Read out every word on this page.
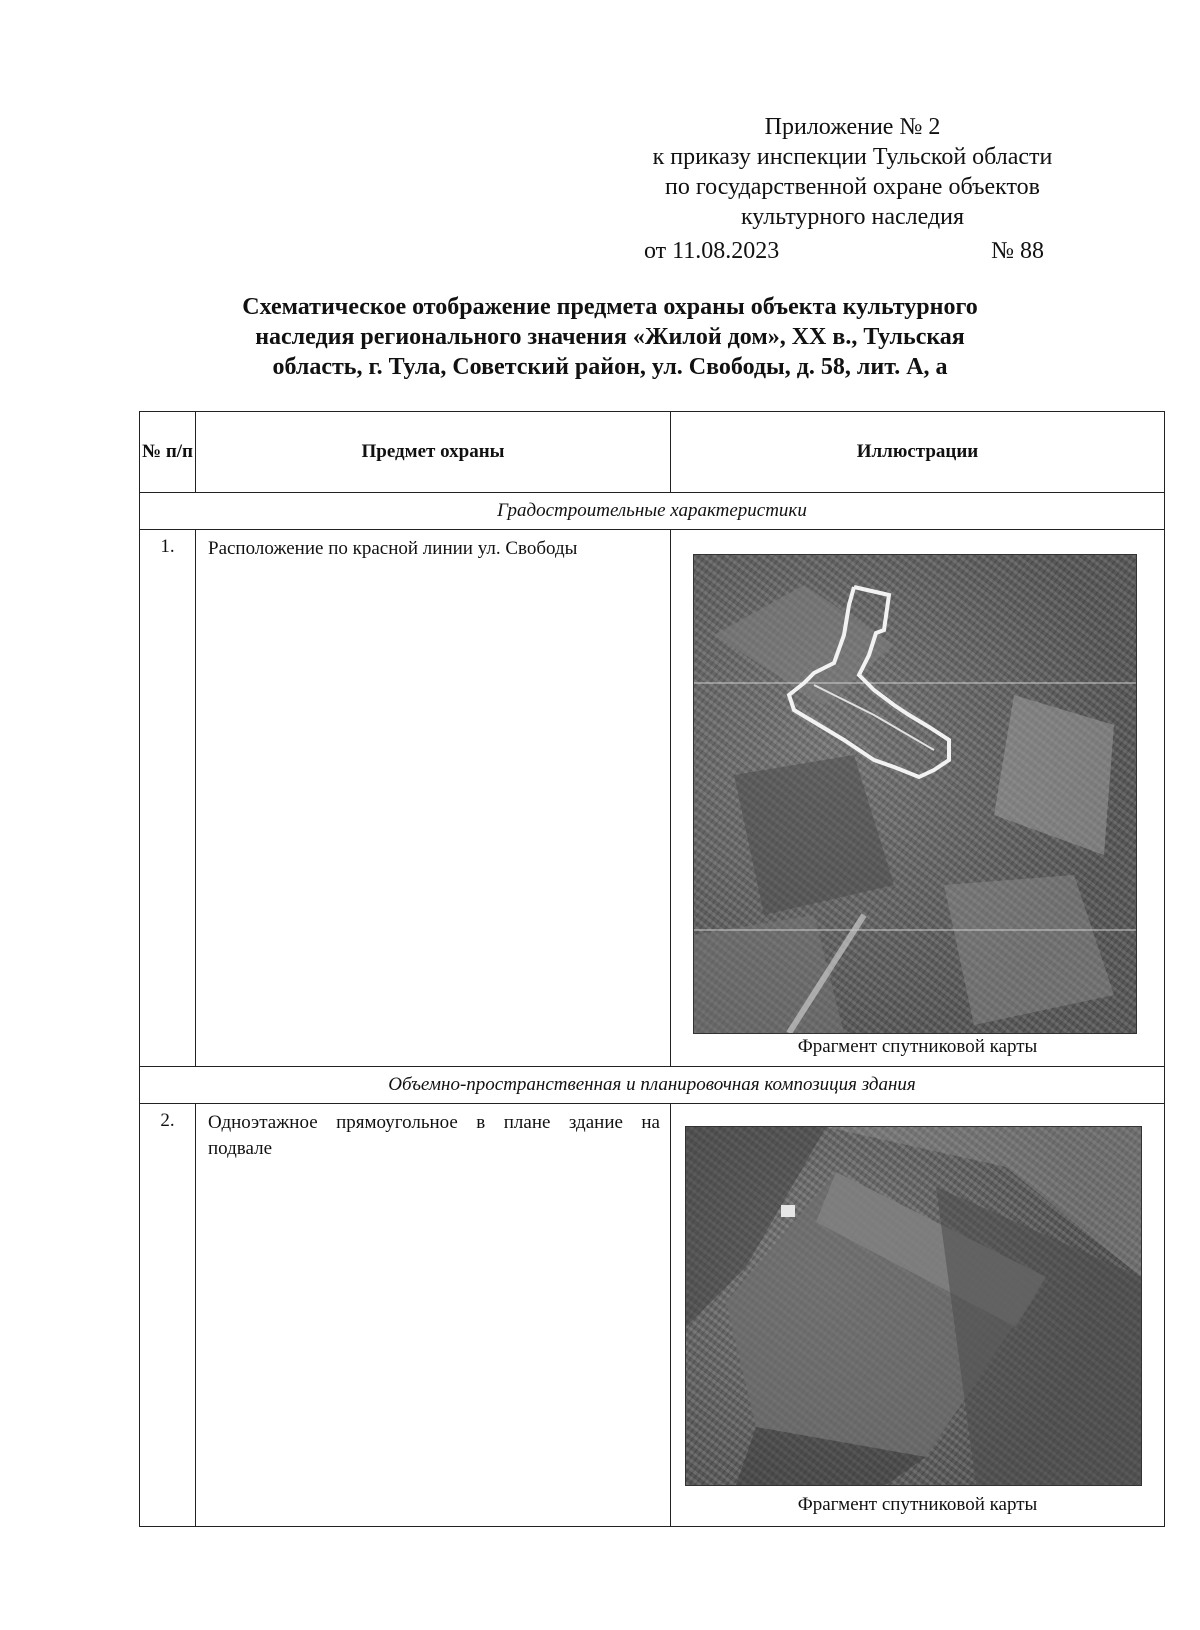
Приложение № 2
к приказу инспекции Тульской области
по государственной охране объектов
культурного наследия
от 11.08.2023	№ 88
Схематическое отображение предмета охраны объекта культурного
наследия регионального значения «Жилой дом», XX в., Тульская
область, г. Тула, Советский район, ул. Свободы, д. 58, лит. А, а
№ п/п	Предмет охраны	Иллюстрации
Градостроительные характеристики		
1.	Расположение по красной линии ул. Свободы	Фрагмент спутниковой карты

Объемно-пространственная и планировочная композиция здания		
2.	Одноэтажное прямоугольное в плане здание на подвале	Фрагмент спутниковой карты
